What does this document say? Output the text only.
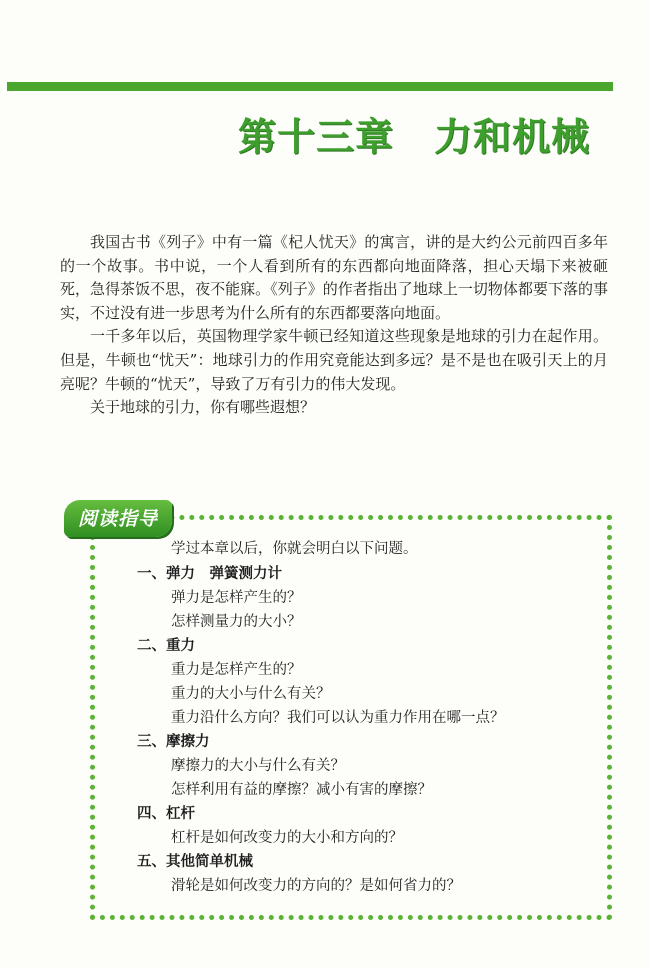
第十三章 力和机械

我国古书《列子》中有一篇《杞人忧天》的寓言，讲的是大约公元前四百多年的一个故事。书中说，一个人看到所有的东西都向地面降落，担心天塌下来被砸死，急得茶饭不思，夜不能寐。《列子》的作者指出了地球上一切物体都要下落的事实，不过没有进一步思考为什么所有的东西都要落向地面。

一千多年以后，英国物理学家牛顿已经知道这些现象是地球的引力在起作用。但是，牛顿也“忧天”：地球引力的作用究竟能达到多远？是不是也在吸引天上的月亮呢？牛顿的“忧天”，导致了万有引力的伟大发现。

关于地球的引力，你有哪些遐想？

阅读指导

学过本章以后，你就会明白以下问题。

一、弹力　弹簧测力计

弹力是怎样产生的？

怎样测量力的大小？

二、重力

重力是怎样产生的？

重力的大小与什么有关？

重力沿什么方向？我们可以认为重力作用在哪一点？

三、摩擦力

摩擦力的大小与什么有关？

怎样利用有益的摩擦？减小有害的摩擦？

四、杠杆

杠杆是如何改变力的大小和方向的？

五、其他简单机械

滑轮是如何改变力的方向的？是如何省力的？
